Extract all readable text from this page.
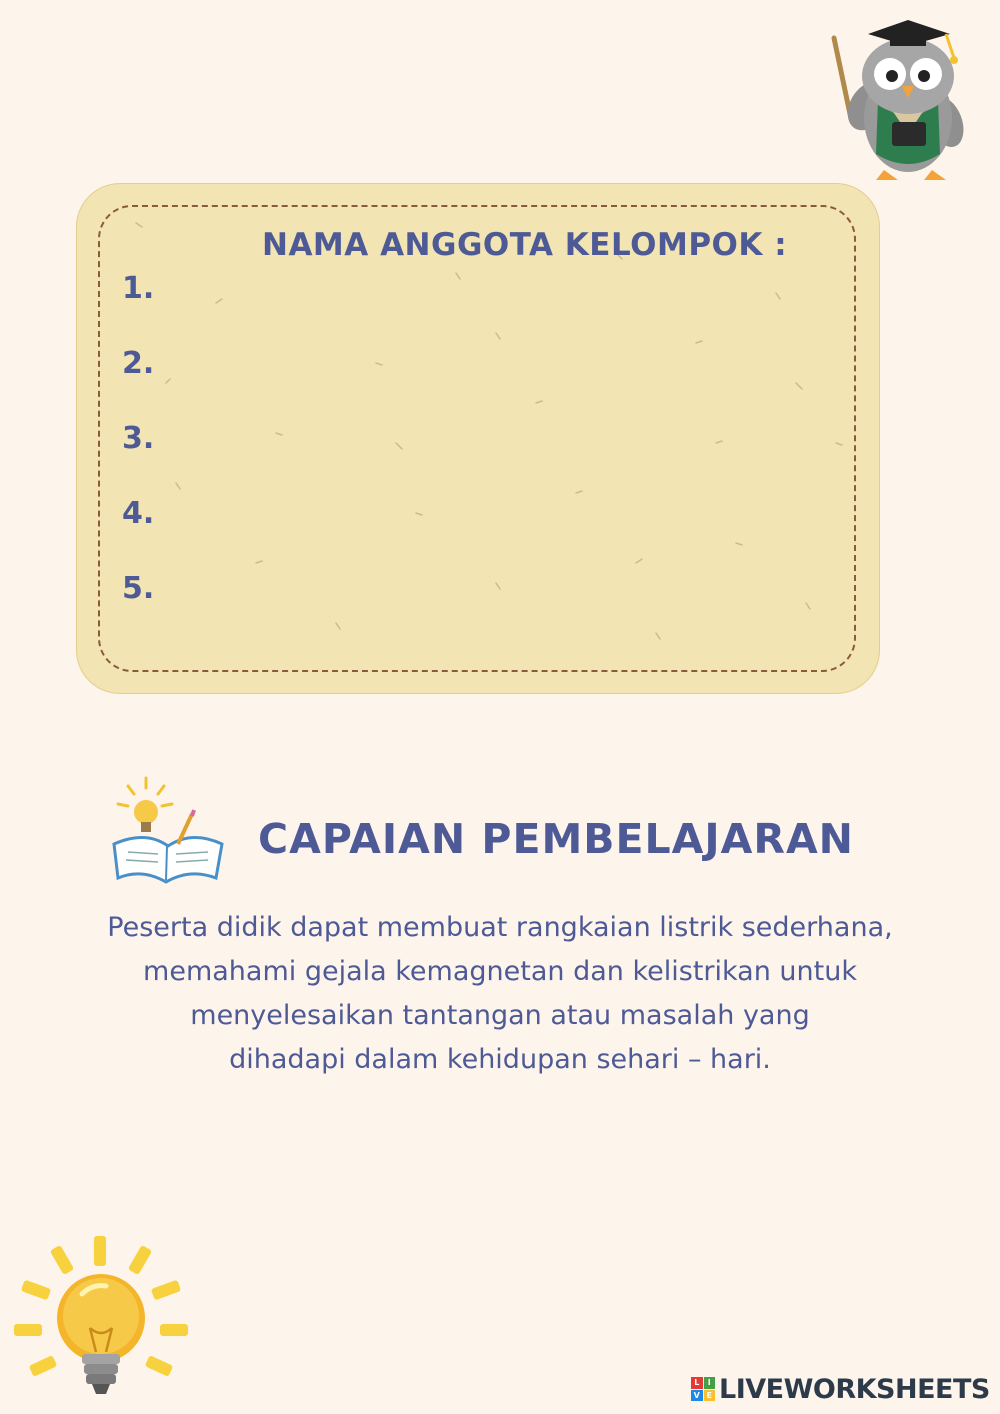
NAMA ANGGOTA KELOMPOK :
1.
2.
3.
4.
5.
CAPAIAN PEMBELAJARAN

Peserta didik dapat membuat rangkaian listrik sederhana,
memahami gejala kemagnetan dan kelistrikan untuk
menyelesaikan tantangan atau masalah yang
dihadapi dalam kehidupan sehari – hari.

L	I
V E LIVEWORKSHEETS
